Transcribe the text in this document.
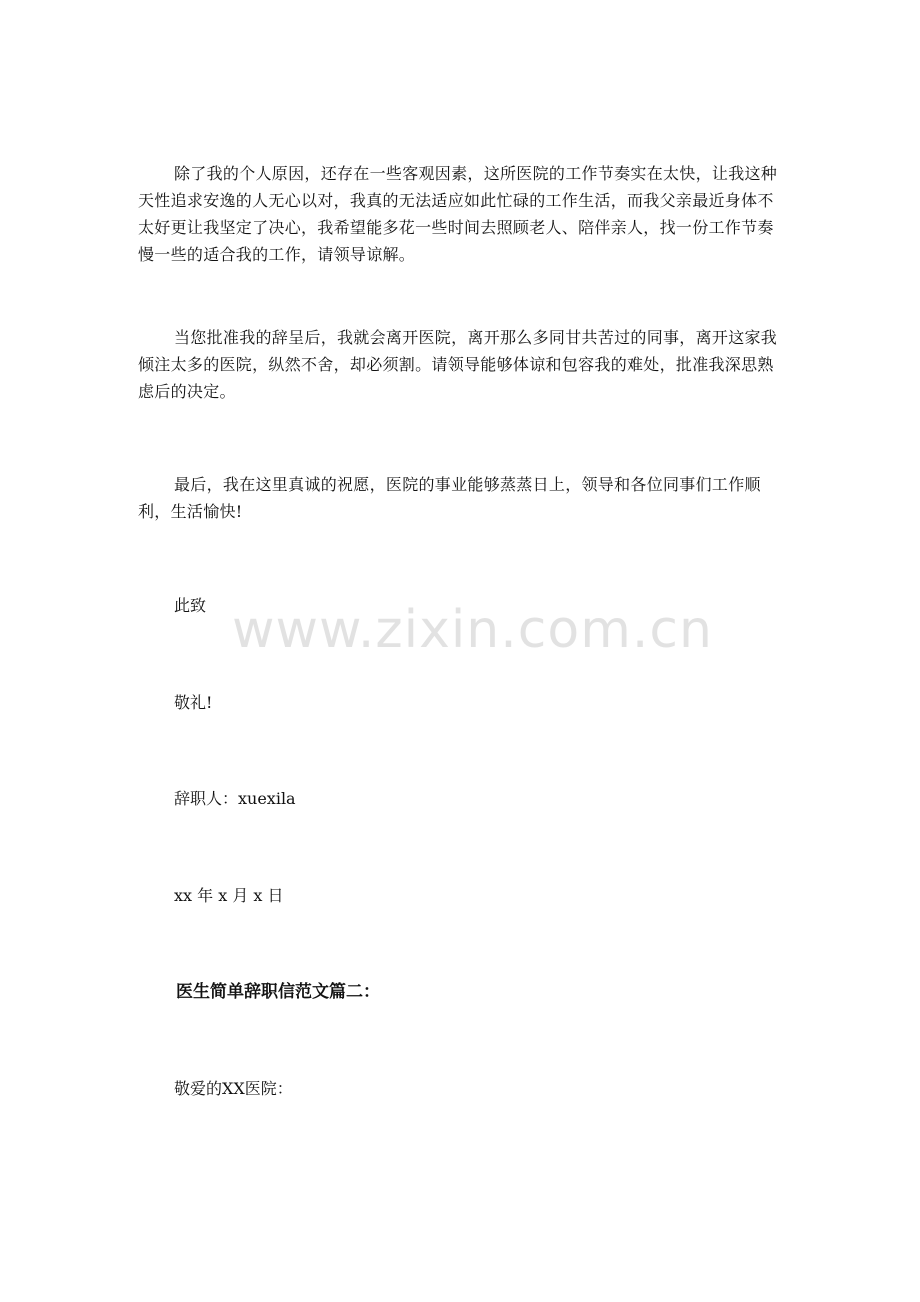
除了我的个人原因，还存在一些客观因素，这所医院的工作节奏实在太快，让我这种天性追求安逸的人无心以对，我真的无法适应如此忙碌的工作生活，而我父亲最近身体不太好更让我坚定了决心，我希望能多花一些时间去照顾老人、陪伴亲人，找一份工作节奏慢一些的适合我的工作，请领导谅解。

当您批准我的辞呈后，我就会离开医院，离开那么多同甘共苦过的同事，离开这家我倾注太多的医院，纵然不舍，却必须割。请领导能够体谅和包容我的难处，批准我深思熟虑后的决定。

最后，我在这里真诚的祝愿，医院的事业能够蒸蒸日上，领导和各位同事们工作顺利，生活愉快!

此致

敬礼!

辞职人：xuexila

xx 年 x 月 x 日

医生简单辞职信范文篇二：

敬爱的XX医院：

www.zixin.com.cn
